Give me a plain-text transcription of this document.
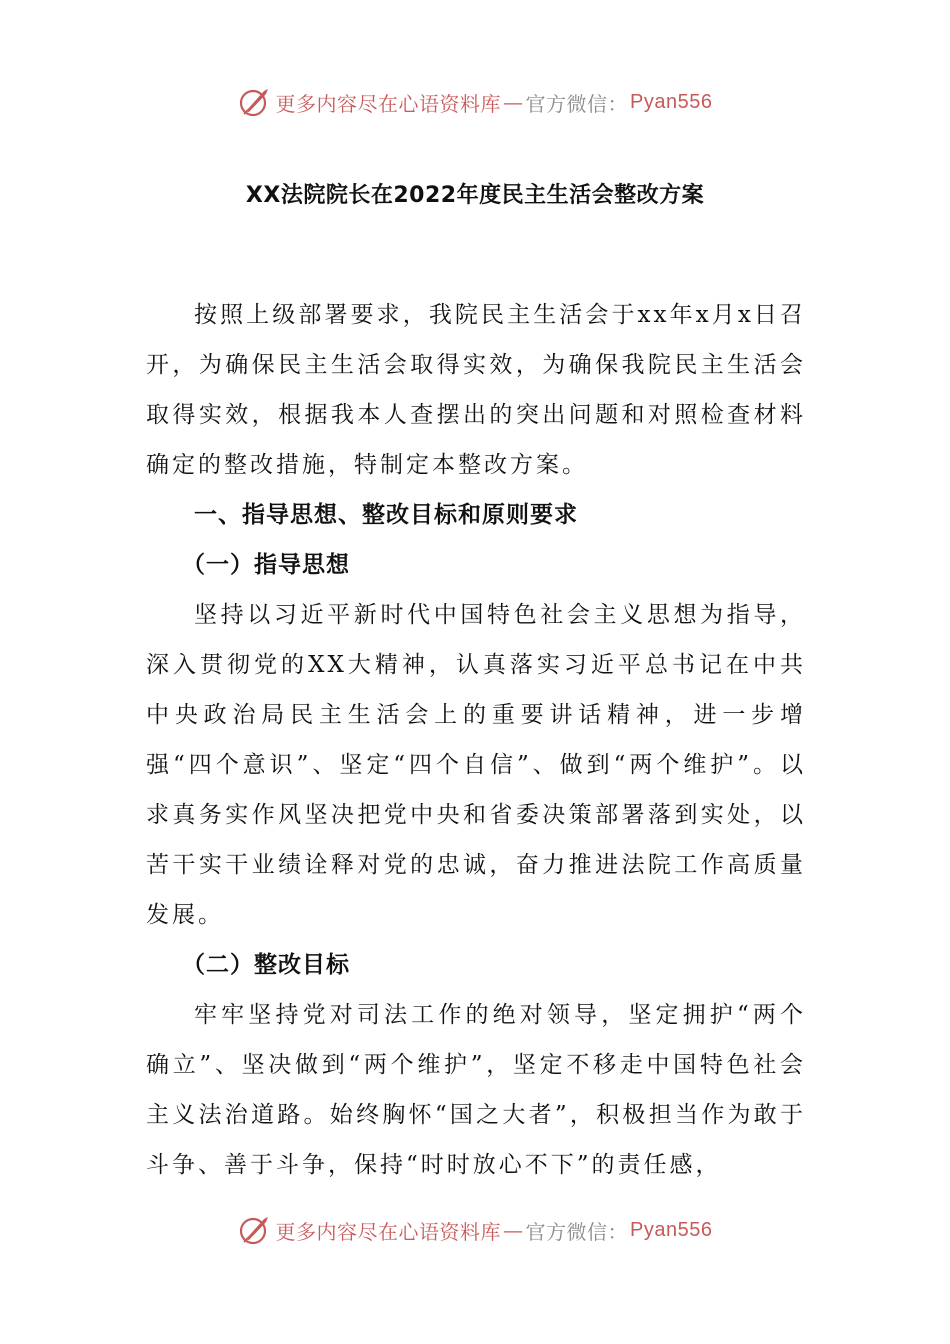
更多内容尽在心语资料库 — 官方微信： Pyan556
XX法院院长在2022年度民主生活会整改方案

按照上级部署要求，我院民主生活会于xx年x月x日召开，为确保民主生活会取得实效，为确保我院民主生活会取得实效，根据我本人查摆出的突出问题和对照检查材料确定的整改措施，特制定本整改方案。

一、指导思想、整改目标和原则要求

（一）指导思想

坚持以习近平新时代中国特色社会主义思想为指导，深入贯彻党的XX大精神，认真落实习近平总书记在中共中央政治局民主生活会上的重要讲话精神，进一步增强“四个意识”、坚定“四个自信”、做到“两个维护”。以求真务实作风坚决把党中央和省委决策部署落到实处，以苦干实干业绩诠释对党的忠诚，奋力推进法院工作高质量发展。

（二）整改目标

牢牢坚持党对司法工作的绝对领导，坚定拥护“两个确立”、坚决做到“两个维护”，坚定不移走中国特色社会主义法治道路。始终胸怀“国之大者”，积极担当作为敢于斗争、善于斗争，保持“时时放心不下”的责任感，

更多内容尽在心语资料库 — 官方微信： Pyan556
